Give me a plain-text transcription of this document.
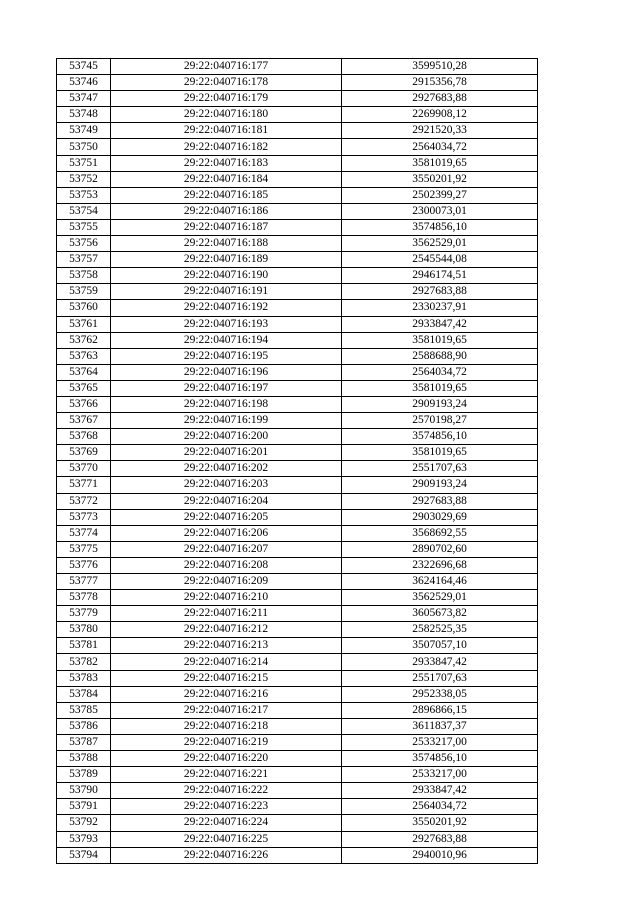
53745	29:22:040716:177	3599510,28
53746	29:22:040716:178	2915356,78
53747	29:22:040716:179	2927683,88
53748	29:22:040716:180	2269908,12
53749	29:22:040716:181	2921520,33
53750	29:22:040716:182	2564034,72
53751	29:22:040716:183	3581019,65
53752	29:22:040716:184	3550201,92
53753	29:22:040716:185	2502399,27
53754	29:22:040716:186	2300073,01
53755	29:22:040716:187	3574856,10
53756	29:22:040716:188	3562529,01
53757	29:22:040716:189	2545544,08
53758	29:22:040716:190	2946174,51
53759	29:22:040716:191	2927683,88
53760	29:22:040716:192	2330237,91
53761	29:22:040716:193	2933847,42
53762	29:22:040716:194	3581019,65
53763	29:22:040716:195	2588688,90
53764	29:22:040716:196	2564034,72
53765	29:22:040716:197	3581019,65
53766	29:22:040716:198	2909193,24
53767	29:22:040716:199	2570198,27
53768	29:22:040716:200	3574856,10
53769	29:22:040716:201	3581019,65
53770	29:22:040716:202	2551707,63
53771	29:22:040716:203	2909193,24
53772	29:22:040716:204	2927683,88
53773	29:22:040716:205	2903029,69
53774	29:22:040716:206	3568692,55
53775	29:22:040716:207	2890702,60
53776	29:22:040716:208	2322696,68
53777	29:22:040716:209	3624164,46
53778	29:22:040716:210	3562529,01
53779	29:22:040716:211	3605673,82
53780	29:22:040716:212	2582525,35
53781	29:22:040716:213	3507057,10
53782	29:22:040716:214	2933847,42
53783	29:22:040716:215	2551707,63
53784	29:22:040716:216	2952338,05
53785	29:22:040716:217	2896866,15
53786	29:22:040716:218	3611837,37
53787	29:22:040716:219	2533217,00
53788	29:22:040716:220	3574856,10
53789	29:22:040716:221	2533217,00
53790	29:22:040716:222	2933847,42
53791	29:22:040716:223	2564034,72
53792	29:22:040716:224	3550201,92
53793	29:22:040716:225	2927683,88
53794	29:22:040716:226	2940010,96
